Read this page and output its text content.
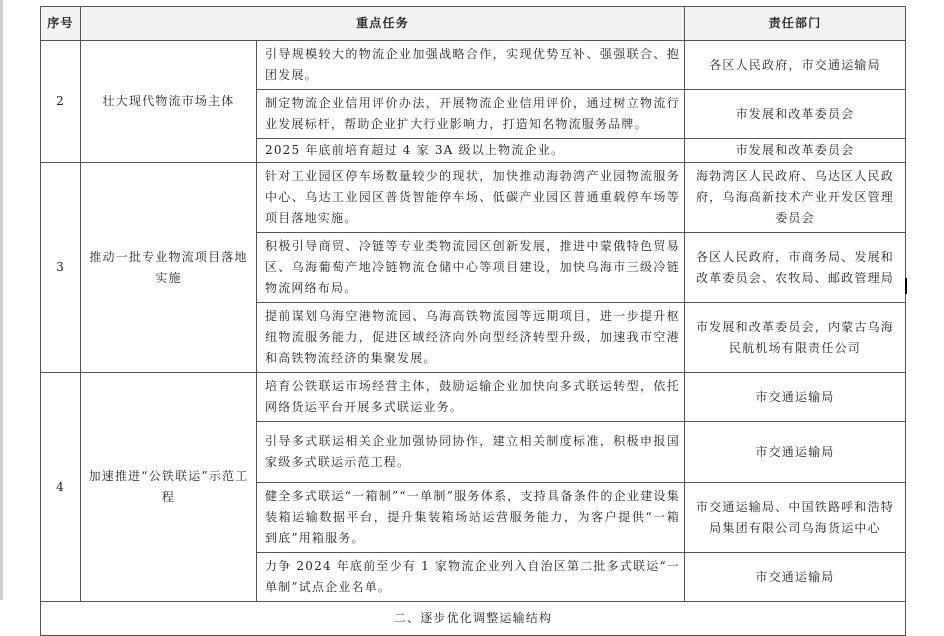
序号	重点任务		责任部门
2	壮大现代物流市场主体	引导规模较大的物流企业加强战略合作，实现优势互补、强强联合、抱团发展。	各区人民政府，市交通运输局
		制定物流企业信用评价办法，开展物流企业信用评价，通过树立物流行业发展标杆，帮助企业扩大行业影响力，打造知名物流服务品牌。	市发展和改革委员会
		2025 年底前培育超过 4 家 3A 级以上物流企业。	市发展和改革委员会
3	推动一批专业物流项目落地实施	针对工业园区停车场数量较少的现状，加快推动海勃湾产业园物流服务中心、乌达工业园区普货智能停车场、低碳产业园区普通重载停车场等项目落地实施。	海勃湾区人民政府、乌达区人民政府，乌海高新技术产业开发区管理委员会
		积极引导商贸、冷链等专业类物流园区创新发展，推进中蒙俄特色贸易区、乌海葡萄产地冷链物流仓储中心等项目建设，加快乌海市三级冷链物流网络布局。	各区人民政府，市商务局、发展和改革委员会、农牧局、邮政管理局
		提前谋划乌海空港物流园、乌海高铁物流园等远期项目，进一步提升枢纽物流服务能力，促进区域经济向外向型经济转型升级，加速我市空港和高铁物流经济的集聚发展。	市发展和改革委员会，内蒙古乌海民航机场有限责任公司
4	加速推进“公铁联运”示范工程	培育公铁联运市场经营主体，鼓励运输企业加快向多式联运转型，依托网络货运平台开展多式联运业务。	市交通运输局
		引导多式联运相关企业加强协同协作，建立相关制度标准，积极申报国家级多式联运示范工程。	市交通运输局
		健全多式联运“一箱制”“一单制”服务体系，支持具备条件的企业建设集装箱运输数据平台，提升集装箱场站运营服务能力，为客户提供“一箱到底”用箱服务。	市交通运输局、中国铁路呼和浩特局集团有限公司乌海货运中心
		力争 2024 年底前至少有 1 家物流企业列入自治区第二批多式联运“一单制”试点企业名单。	市交通运输局
二、逐步优化调整运输结构			
